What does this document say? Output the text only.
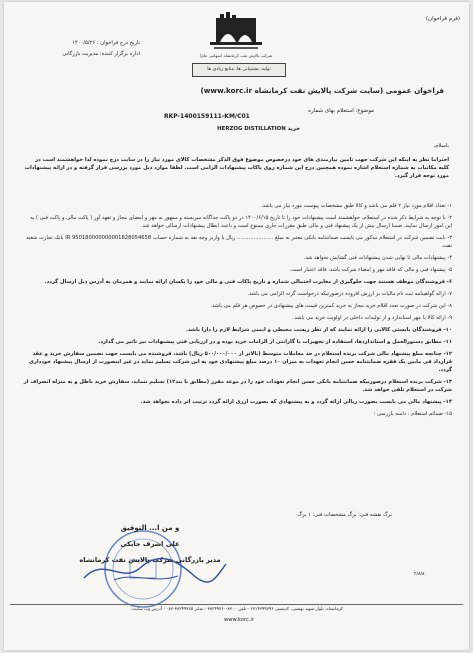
(فرم فراخوان)
شرکت پالایش نفت کرمانشاه (سهامی عام)
تولید، پشتیبانی ها، منابع زیادی ها
تاریخ درج فراخوان : ۱۴۰۰/۵/۲۶
اداره برگزار کننده: مدیریت بازرگانی
فراخوان عمومی (سایت شرکت پالایش نفت کرمانشاه www.korc.ir)
موضوع: استعلام بهای شماره
RKP-1400159111-KM/C01
خرید HERZOG DISTILLATION
باسلام،
احتراما نظر به اینکه این شرکت جهت تامین نیازمندی های خود درخصوص موضوع فوق الذکر مشخصات کالای مورد نیاز را در سایت درج نموده لذا خواهشمند است در کلیه مکاتبات به شماره استعلام اشاره نموده همچنین درج این شماره روی پاکات پیشنهادات الزامی است. لطفا موارد ذیل مورد بررسی قرار گرفته و در ارائه پیشنهادات مورد توجه قرار گیرد.
۱- تعداد اقلام مورد نیاز ۲ قلم می باشد و کالا طبق مشخصات پیوست مورد نیاز می باشد.
۲- با توجه به شرایط ذکر شده در استعلام، خواهشمند است پیشنهادات خود را تا تاریخ ۱۴۰۰/۶/۱۵ در دو پاکت جداگانه سربسته و ممهور به مهر و امضای مجاز و تعهد آور ( پاکت مالی و پاکت فنی ) به این امور ارسال نمایید. ضمنا ارسال بیش از یک پیشنهاد فنی و مالی طبق مقررات جاری ممنوع است و باعث ابطال پیشنهادات ارسالی خواهد شد.
۳- بابت تضمین شرکت در استعلام مذکور می بایست ضمانتنامه بانکی معتبر به مبلغ ...................... ریال یا واریز وجه نقد به شماره حساب IR 950180000000001828054658 بانک تجارت شعبه نفت.
۴- پیشنهادات مالی تا نهایی شدن پیشنهادات فنی گشایش نخواهد شد.
۵- پیشنهاد فنی و مالی که فاقد مهر و امضاء شرکت باشد، فاقد اعتبار است.
۶- فروشندگان موظف هستند جهت جلوگیری از مغایرت احتمالی شماره و تاریخ پاکات فنی و مالی خود را یکسان ارائه نمایند و همزمان به آدرس ذیل ارسال گردد.
۷- ارائه گواهینامه ثبت نام مالیات بر ارزش افزوده درصورتیکه درخواست گردد الزامی می باشد.
۸- این شرکت در صورت تعدد اقلام خرید مجاز به خرید کمترین قیمت های پیشنهادی در خصوص هر قلم می باشد.
۹- ارائه کالا با مهر استاندارد و از تولیدات داخلی در اولویت خرید می باشد.
۱۰- فروشندگان بایستی کالایی را ارائه نمایند که از نظر زیست محیطی و ایمنی شرایط لازم را دارا باشد.
۱۱- مطابق دستورالعمل و استانداردها، استفاده از تجهیزات با گارانتی از الزامات خرید بوده و در ارزیابی فنی پیشنهادات نیز تاثیر می گذارد.
۱۲- چنانچه مبلغ پیشنهاد مالی شرکت برنده استعلام در حد معاملات متوسط (بالاتر از ۵۰۰/۰۰۰/۰۰۰ ریال) باشد، فروشنده می بایست جهت تضمین سفارش خرید و عقد قرارداد فی مابین یک فقره ضمانتنامه حسن انجام تعهدات به میزان ۱۰ درصد مبلغ پیشنهادی خود به این شرکت تسلیم نماید در غیر اینصورت از ارسال پیشنهاد خودداری گردد.
۱۳- شرکت برنده استعلام درصورتیکه ضمانتنامه بانکی حسن انجام تعهدات خود را در موعد مقرر (مطابق با بند۱۲) تسلیم ننماید، سفارش خرید باطل و به منزله انصراف از شرکت در استعلام تلقی خواهد شد.
۱۴- پیشنهاد مالی می بایست بصورت ریالی ارائه گردد و به پیشنهادی که بصورت ارزی ارائه گردد ترتیب اثر داده نخواهد شد.
۱۵- ضمائم استعلام : دامنه بازرسی :
برگ نقشه فنی: برگ مشخصات فنی: ۱ برگ
و من ا... التوفیق
علی اشرف جابکی
مدیر بازرگانی شرکت پالایش نفت کرمانشاه
۲/۸/۸
کرمانشاه، بلوار شهید بهشتی، کدپستی ۶۷۱۴۷۹۹۷۹۶ - تلفن ۸۳۰۰-۳۸۲۴۹۷۶۰ - نمابر ۳۸۲۴۹۷۶۵-۰۸۳ - آدرس وب سایت:
www.korc.ir
